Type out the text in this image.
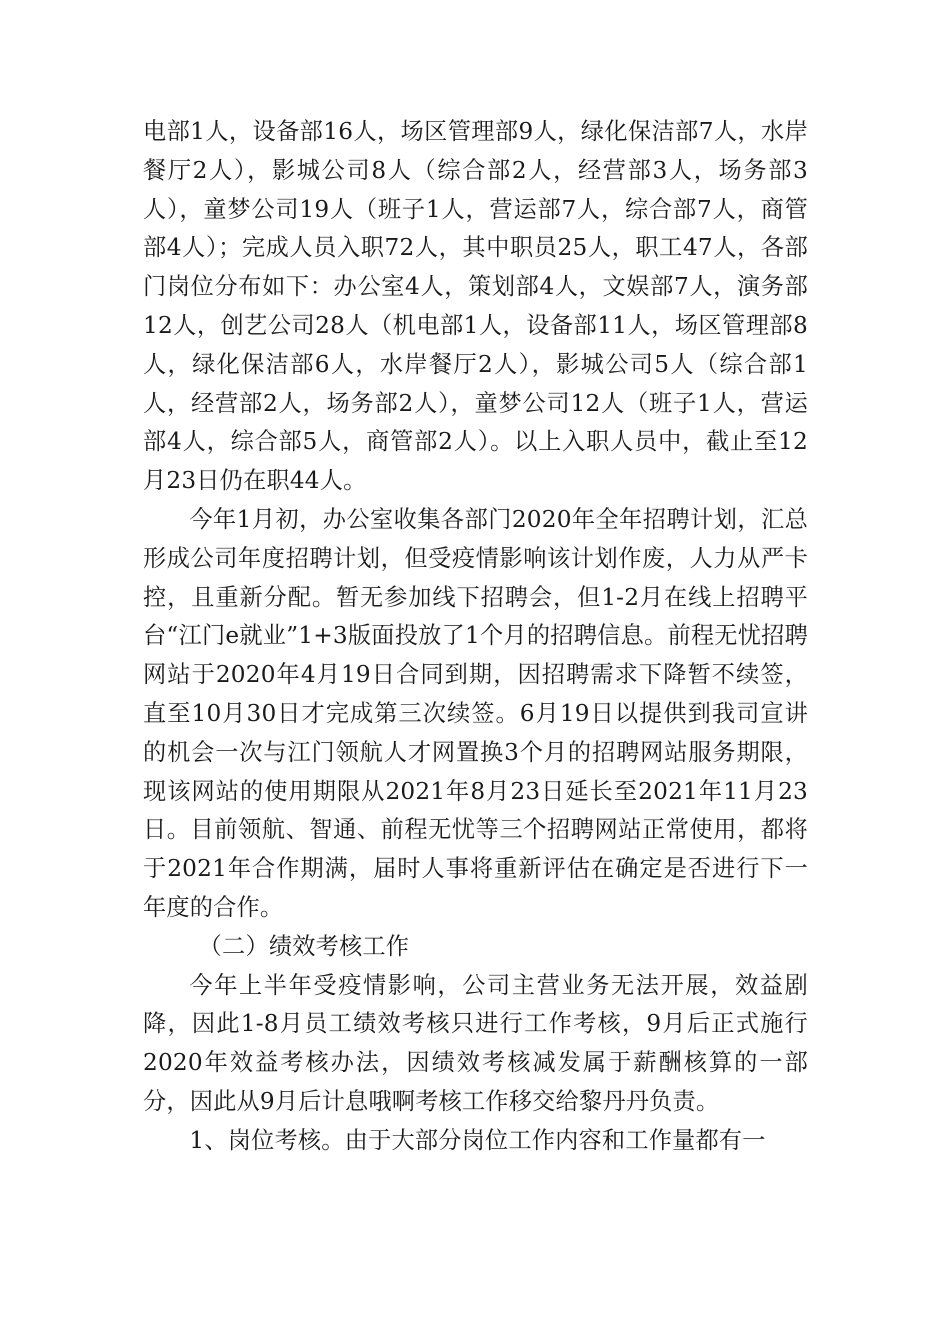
电部1人，设备部16人，场区管理部9人，绿化保洁部7人，水岸餐厅2人），影城公司8人（综合部2人，经营部3人，场务部3人），童梦公司19人（班子1人，营运部7人，综合部7人，商管部4人）；完成人员入职72人，其中职员25人，职工47人，各部门岗位分布如下：办公室4人，策划部4人，文娱部7人，演务部12人，创艺公司28人（机电部1人，设备部11人，场区管理部8人，绿化保洁部6人，水岸餐厅2人），影城公司5人（综合部1人，经营部2人，场务部2人），童梦公司12人（班子1人，营运部4人，综合部5人，商管部2人）。以上入职人员中，截止至12月23日仍在职44人。

今年1月初，办公室收集各部门2020年全年招聘计划，汇总形成公司年度招聘计划，但受疫情影响该计划作废，人力从严卡控，且重新分配。暂无参加线下招聘会，但1-2月在线上招聘平台“江门e就业”1+3版面投放了1个月的招聘信息。前程无忧招聘网站于2020年4月19日合同到期，因招聘需求下降暂不续签，直至10月30日才完成第三次续签。6月19日以提供到我司宣讲的机会一次与江门领航人才网置换3个月的招聘网站服务期限，现该网站的使用期限从2021年8月23日延长至2021年11月23日。目前领航、智通、前程无忧等三个招聘网站正常使用，都将于2021年合作期满，届时人事将重新评估在确定是否进行下一年度的合作。

（二）绩效考核工作

今年上半年受疫情影响，公司主营业务无法开展，效益剧降，因此1-8月员工绩效考核只进行工作考核，9月后正式施行2020年效益考核办法，因绩效考核减发属于薪酬核算的一部分，因此从9月后计息哦啊考核工作移交给黎丹丹负责。

1、岗位考核。由于大部分岗位工作内容和工作量都有一
